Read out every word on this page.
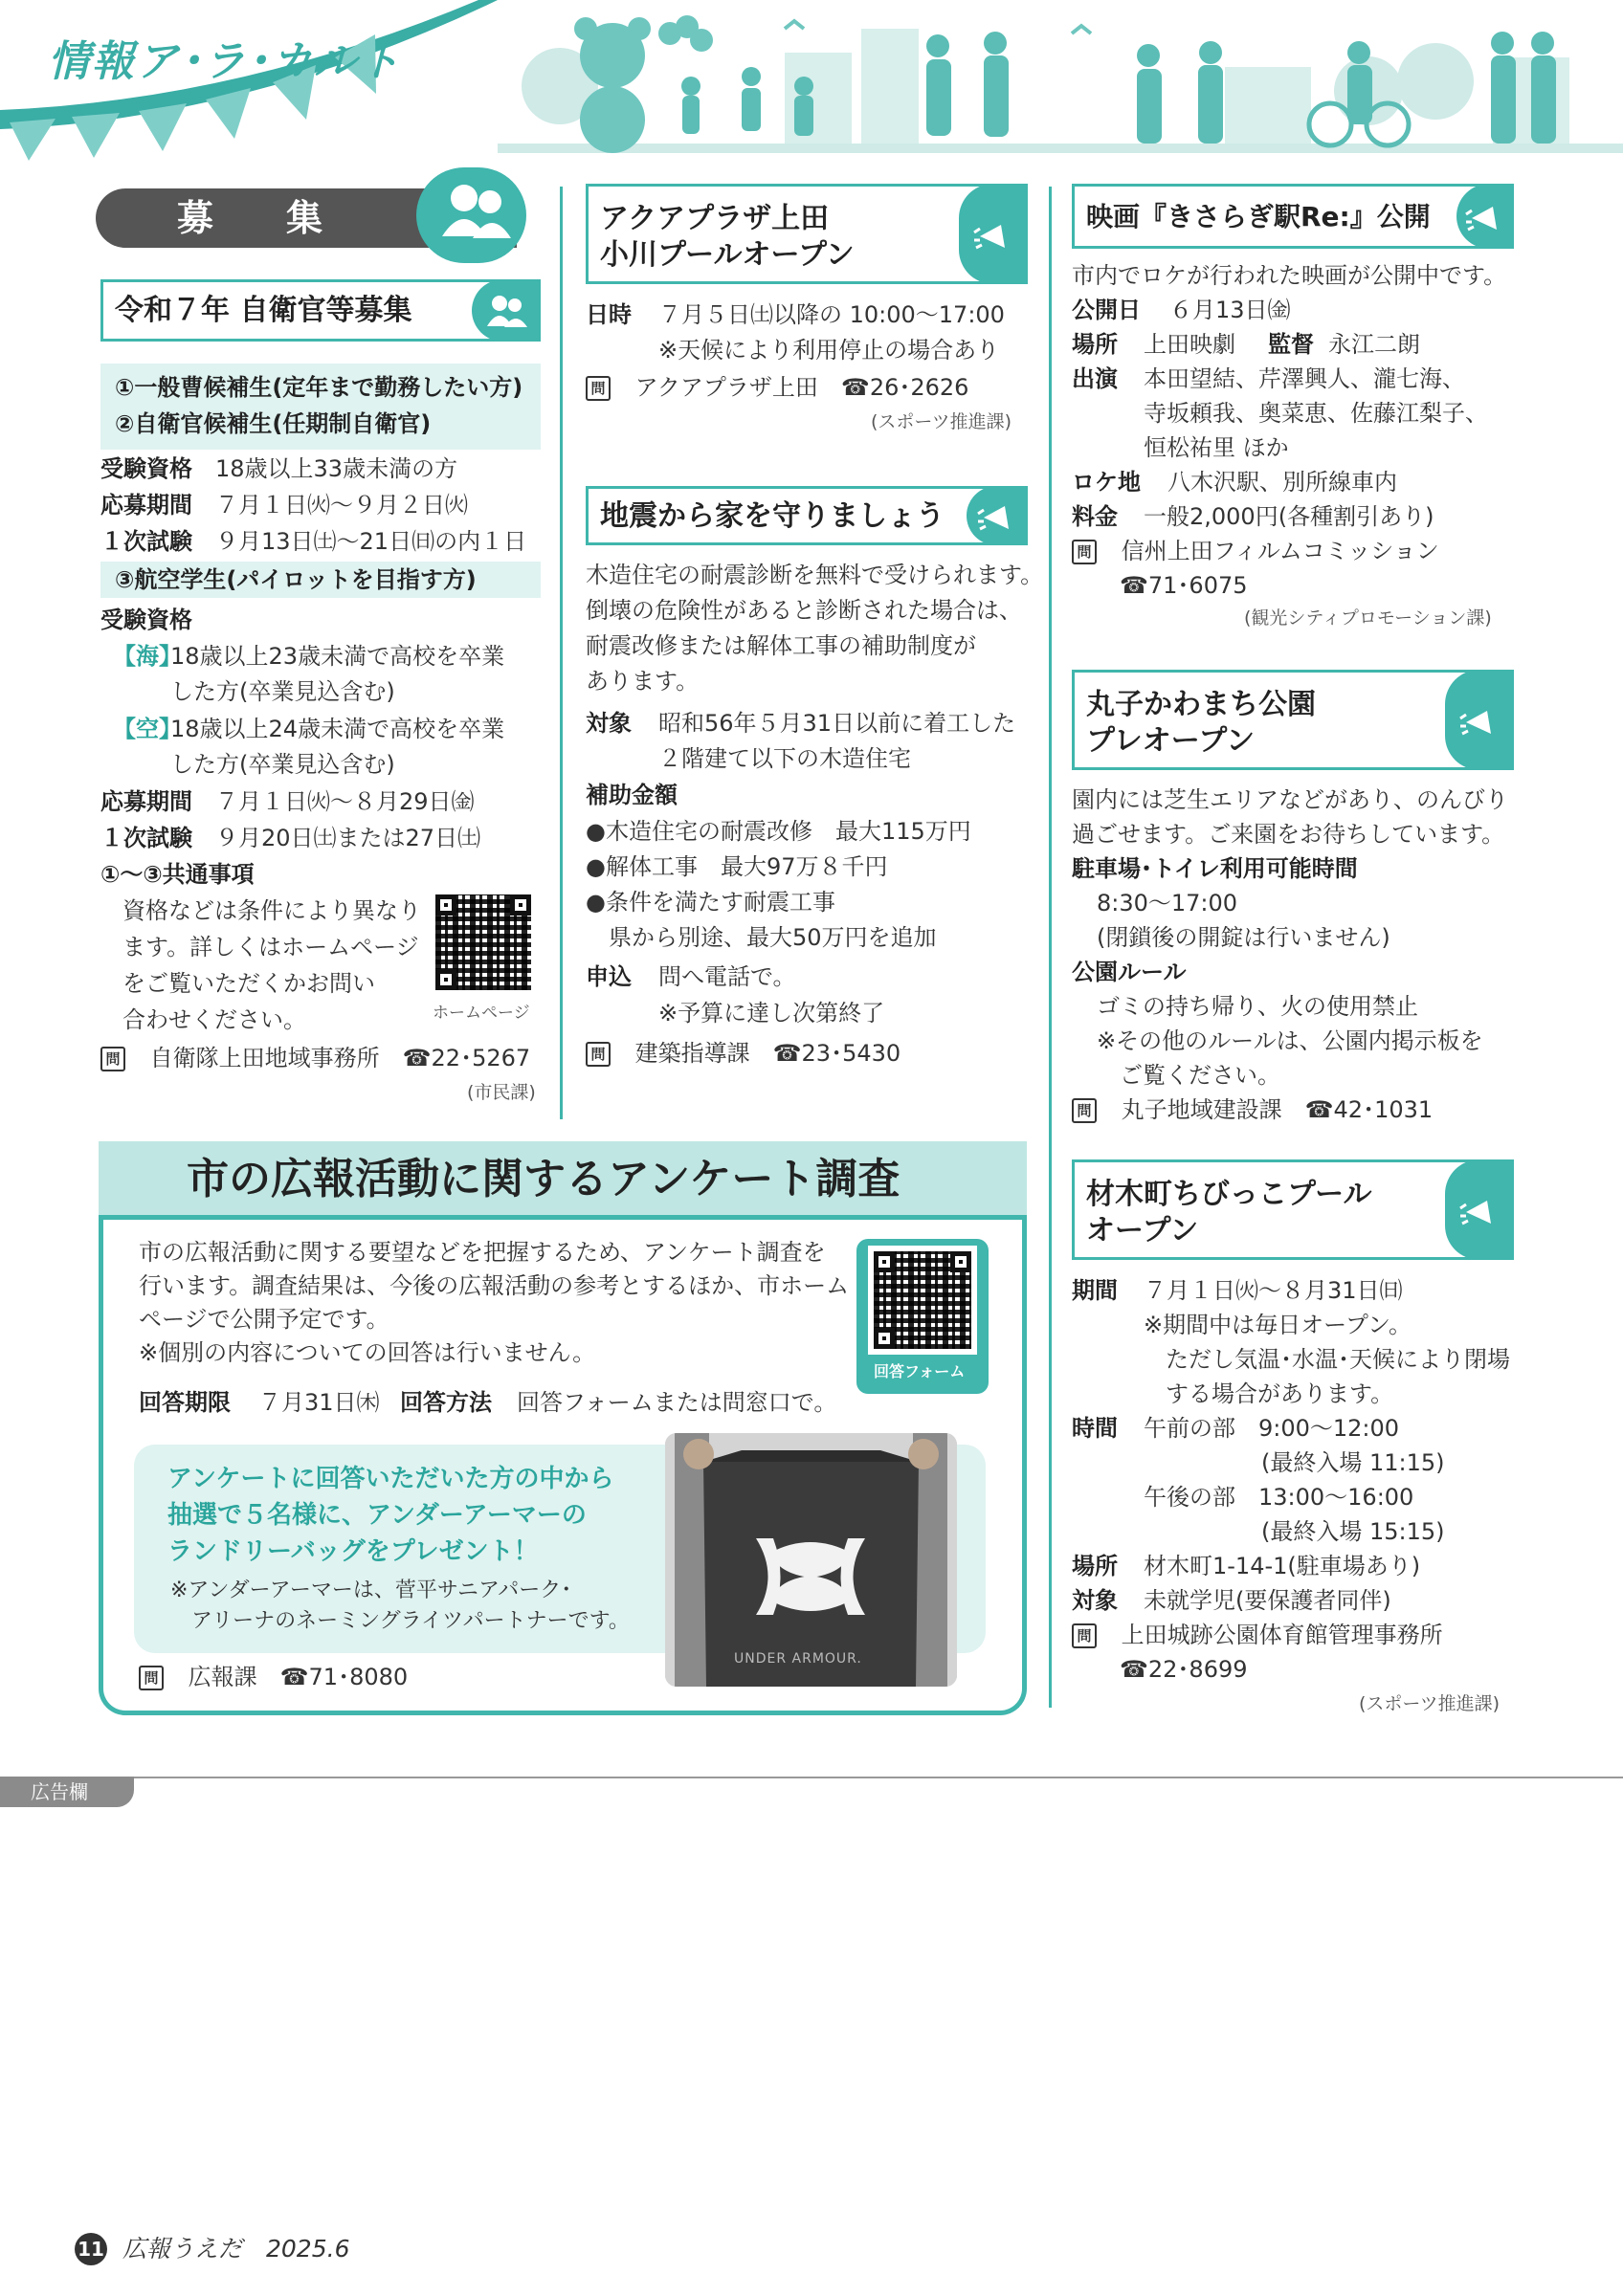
情報ア･ラ･カルト
募　　集
令和７年 自衛官等募集
①一般曹候補生(定年まで勤務したい方)
②自衛官候補生(任期制自衛官)
受験資格 18歳以上33歳未満の方
応募期間 ７月１日㈫～９月２日㈫
１次試験 ９月13日㈯～21日㈰の内１日
③航空学生(パイロットを目指す方)
受験資格
【海】
18歳以上23歳未満で高校を卒業
した方(卒業見込含む)
【空】
18歳以上24歳未満で高校を卒業
した方(卒業見込含む)
応募期間 ７月１日㈫～８月29日㈮
１次試験 ９月20日㈯または27日㈯
①～③共通事項
資格などは条件により異なり
ます。詳しくはホームページ
をご覧いただくかお問い
合わせください。	ホームページ
問 自衛隊上田地域事務所　☎22･5267
(市民課)
アクアプラザ上田
小川プールオープン
日時 ７月５日㈯以降の 10:00～17:00
※天候により利用停止の場合あり
問 アクアプラザ上田　☎26･2626
(スポーツ推進課)
地震から家を守りましょう
木造住宅の耐震診断を無料で受けられます。
倒壊の危険性があると診断された場合は、
耐震改修または解体工事の補助制度が
あります。
対象 昭和56年５月31日以前に着工した
２階建て以下の木造住宅
補助金額
●木造住宅の耐震改修　最大115万円
●解体工事　最大97万８千円
●条件を満たす耐震工事
県から別途、最大50万円を追加
申込 問へ電話で。
※予算に達し次第終了
問 建築指導課　☎23･5430
映画『きさらぎ駅Re:』公開
市内でロケが行われた映画が公開中です。
公開日 ６月13日㈮
場所 上田映劇 監督 永江二朗
出演 本田望結、芹澤興人、瀧七海、
寺坂頼我、奥菜恵、佐藤江梨子、
恒松祐里 ほか
ロケ地 八木沢駅、別所線車内
料金 一般2,000円(各種割引あり)
問 信州上田フィルムコミッション
☎71･6075
(観光シティプロモーション課)
丸子かわまち公園
プレオープン
園内には芝生エリアなどがあり、のんびり
過ごせます。ご来園をお待ちしています。
駐車場･トイレ利用可能時間
8:30～17:00
(閉鎖後の開錠は行いません)
公園ルール
ゴミの持ち帰り、火の使用禁止
※その他のルールは、公園内掲示板を
ご覧ください。
問 丸子地域建設課　☎42･1031
材木町ちびっこプール
オープン
期間 ７月１日㈫～８月31日㈰
※期間中は毎日オープン。
ただし気温･水温･天候により閉場
する場合があります。
時間 午前の部　9:00～12:00
(最終入場 11:15)
午後の部　13:00～16:00
(最終入場 15:15)
場所 材木町1-14-1(駐車場あり)
対象 未就学児(要保護者同伴)
問 上田城跡公園体育館管理事務所
☎22･8699
(スポーツ推進課)
市の広報活動に関するアンケート調査
市の広報活動に関する要望などを把握するため、アンケート調査を
行います。調査結果は、今後の広報活動の参考とするほか、市ホーム
ページで公開予定です。
※個別の内容についての回答は行いません。
回答期限 ７月31日㈭ 回答方法 回答フォームまたは問窓口で。
回答フォーム
アンケートに回答いただいた方の中から
抽選で５名様に、アンダーアーマーの
ランドリーバッグをプレゼント！
※アンダーアーマーは、菅平サニアパーク･
アリーナのネーミングライツパートナーです。
UNDER ARMOUR.
問 広報課　☎71･8080
広告欄
11 広報うえだ　2025.6
